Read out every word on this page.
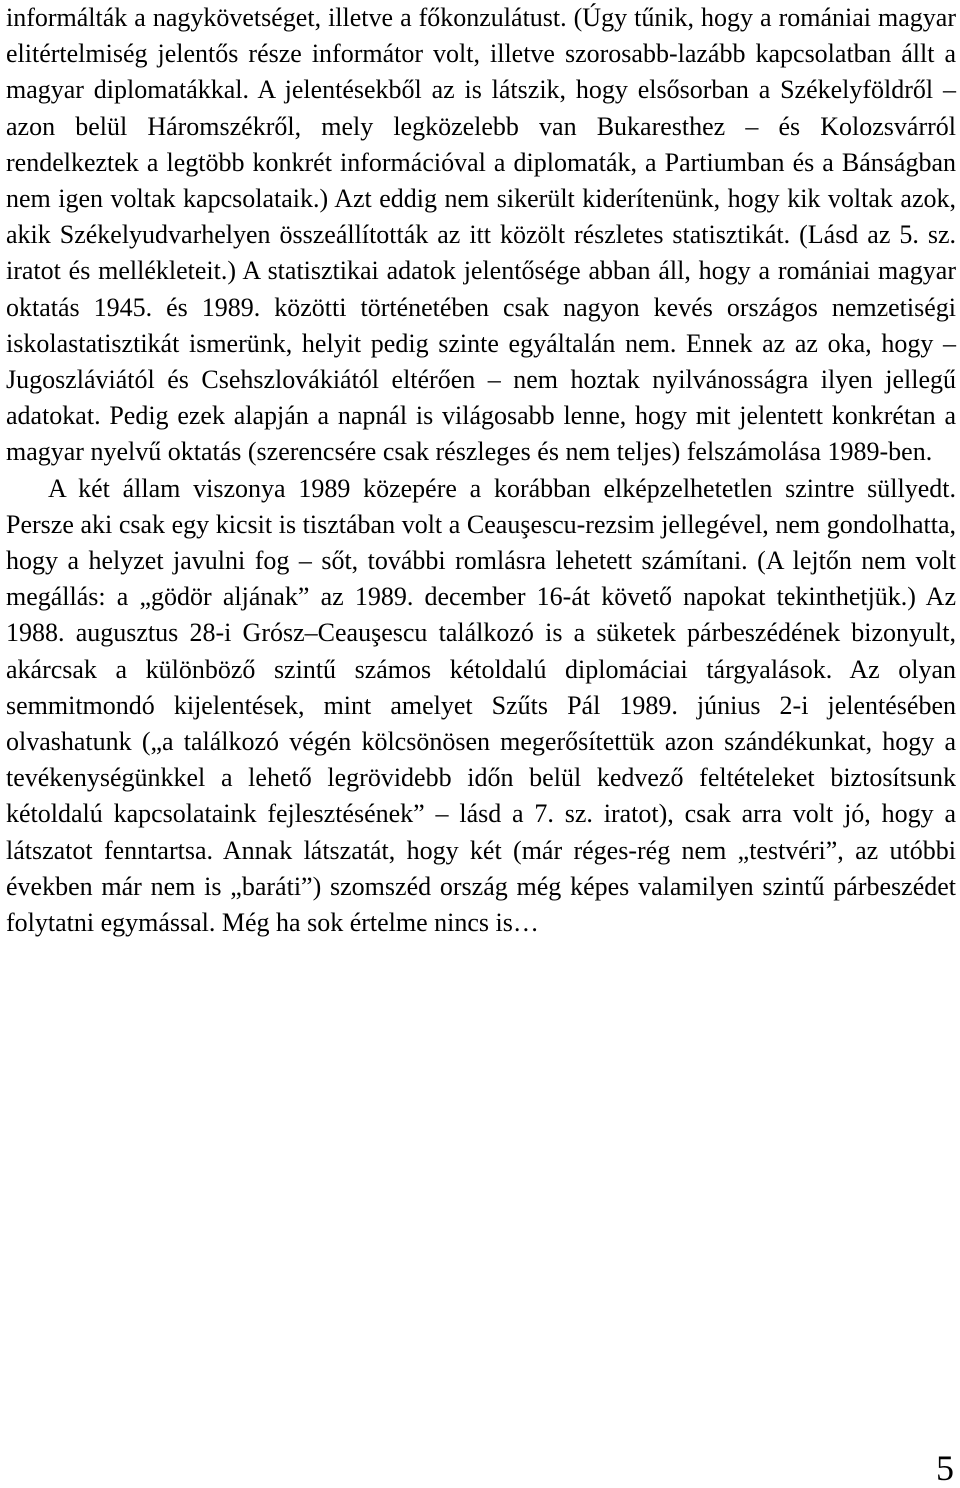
informálták a nagykövetséget, illetve a főkonzulátust. (Úgy tűnik, hogy a romániai magyar elitértelmiség jelentős része informátor volt, illetve szorosabb-lazább kapcsolatban állt a magyar diplomatákkal. A jelentésekből az is látszik, hogy elsősorban a Székelyföldről – azon belül Háromszékről, mely legközelebb van Bukaresthez – és Kolozsvárról rendelkeztek a legtöbb konkrét információval a diplomaták, a Partiumban és a Bánságban nem igen voltak kapcsolataik.) Azt eddig nem sikerült kiderítenünk, hogy kik voltak azok, akik Székelyudvarhelyen összeállították az itt közölt részletes statisztikát. (Lásd az 5. sz. iratot és mellékleteit.) A statisztikai adatok jelentősége abban áll, hogy a romániai magyar oktatás 1945. és 1989. közötti történetében csak nagyon kevés országos nemzetiségi iskolastatisztikát ismerünk, helyit pedig szinte egyáltalán nem. Ennek az az oka, hogy – Jugoszláviától és Csehszlovákiától eltérően – nem hoztak nyilvánosságra ilyen jellegű adatokat. Pedig ezek alapján a napnál is világosabb lenne, hogy mit jelentett konkrétan a magyar nyelvű oktatás (szerencsére csak részleges és nem teljes) felszámolása 1989-ben.

A két állam viszonya 1989 közepére a korábban elképzelhetetlen szintre süllyedt. Persze aki csak egy kicsit is tisztában volt a Ceauşescu-rezsim jellegével, nem gondolhatta, hogy a helyzet javulni fog – sőt, további romlásra lehetett számítani. (A lejtőn nem volt megállás: a „gödör aljának” az 1989. december 16-át követő napokat tekinthetjük.) Az 1988. augusztus 28-i Grósz–Ceauşescu találkozó is a süketek párbeszédének bizonyult, akárcsak a különböző szintű számos kétoldalú diplomáciai tárgyalások. Az olyan semmitmondó kijelentések, mint amelyet Szűts Pál 1989. június 2-i jelentésében olvashatunk („a találkozó végén kölcsönösen megerősítettük azon szándékunkat, hogy a tevékenységünkkel a lehető legrövidebb időn belül kedvező feltételeket biztosítsunk kétoldalú kapcsolataink fejlesztésének” – lásd a 7. sz. iratot), csak arra volt jó, hogy a látszatot fenntartsa. Annak látszatát, hogy két (már réges-rég nem „testvéri”, az utóbbi években már nem is „baráti”) szomszéd ország még képes valamilyen szintű párbeszédet folytatni egymással. Még ha sok értelme nincs is…

5
